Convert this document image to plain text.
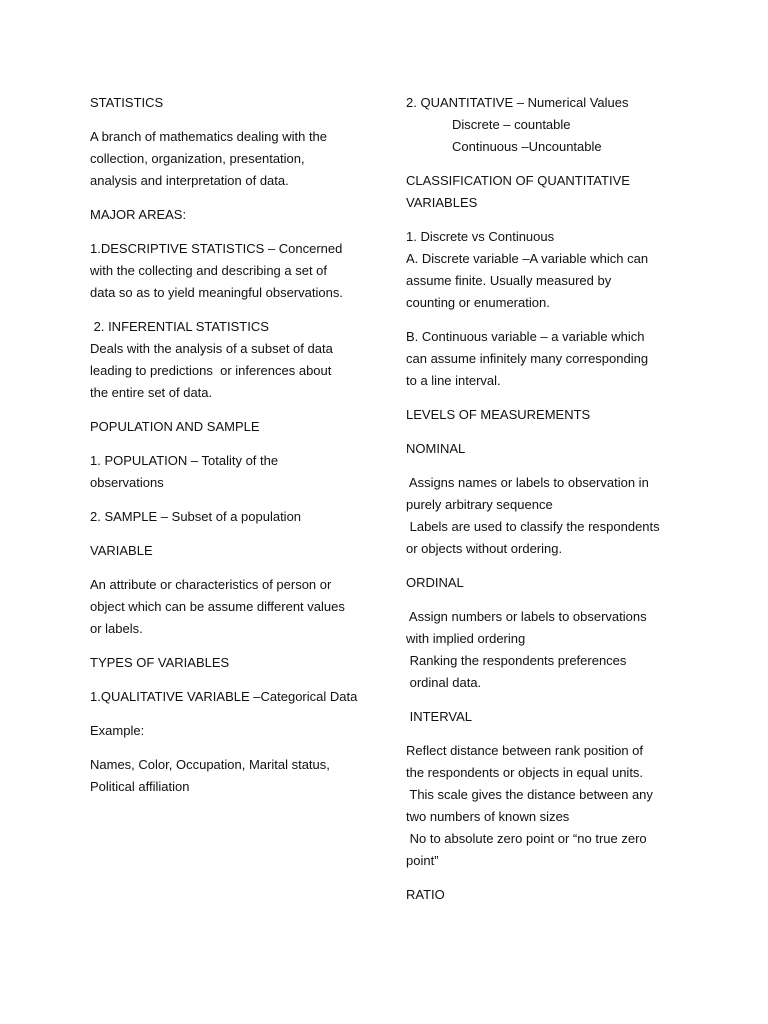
STATISTICS

A branch of mathematics dealing with the
collection, organization, presentation,
analysis and interpretation of data.

MAJOR AREAS:

1.DESCRIPTIVE STATISTICS – Concerned
with the collecting and describing a set of
data so as to yield meaningful observations.

2. INFERENTIAL STATISTICS
Deals with the analysis of a subset of data
leading to predictions  or inferences about
the entire set of data.

POPULATION AND SAMPLE

1. POPULATION – Totality of the
observations

2. SAMPLE – Subset of a population

VARIABLE

An attribute or characteristics of person or
object which can be assume different values
or labels.

TYPES OF VARIABLES

1.QUALITATIVE VARIABLE –Categorical Data

Example:

Names, Color, Occupation, Marital status,
Political affiliation

2. QUANTITATIVE – Numerical Values
Discrete – countable
Continuous –Uncountable

CLASSIFICATION OF QUANTITATIVE
VARIABLES

1. Discrete vs Continuous
A. Discrete variable –A variable which can
assume finite. Usually measured by
counting or enumeration.

B. Continuous variable – a variable which
can assume infinitely many corresponding
to a line interval.

LEVELS OF MEASUREMENTS

NOMINAL

Assigns names or labels to observation in
purely arbitrary sequence
Labels are used to classify the respondents
or objects without ordering.

ORDINAL

Assign numbers or labels to observations
with implied ordering
Ranking the respondents preferences
ordinal data.

INTERVAL

Reflect distance between rank position of
the respondents or objects in equal units.
This scale gives the distance between any
two numbers of known sizes
No to absolute zero point or “no true zero
point”

RATIO
